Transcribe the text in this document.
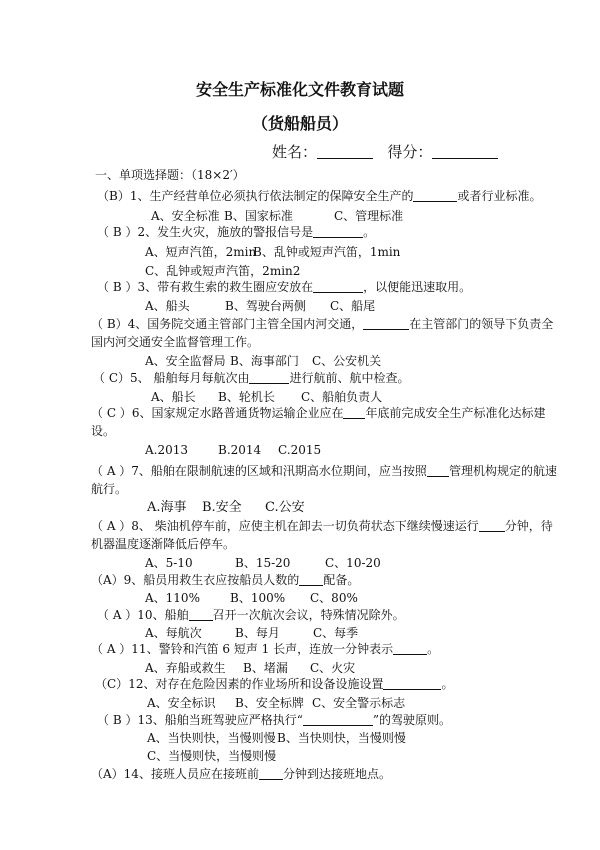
安全生产标准化文件教育试题
（货船船员）
姓名：	得分：
一、单项选择题：（18×2′）
（B）1、生产经营单位必须执行依法制定的保障安全生产的	或者行业标准。
A、安全标准 B、国家标准	C、管理标准
（ B ）2、发生火灾，施放的警报信号是	。
A、短声汽笛，2min
B、乱钟或短声汽笛，1min
C、乱钟或短声汽笛，2min2
（ B ）3、带有救生索的救生圈应安放在	，以便能迅速取用。
A、船头	B、驾驶台两侧 C、船尾
（ B）4、国务院交通主管部门主管全国内河交通，	在主管部门的领导下负责全
国内河交通安全监督管理工作。
A、安全监督局 B、海事部门 C、公安机关
（ C）5、 船舶每月每航次由	进行航前、航中检查。
A、船长 B、轮机长 C、船舶负责人
（ C ）6、国家规定水路普通货物运输企业应在 年底前完成安全生产标准化达标建
设。
A.2013 B.2014 C.2015
（ A ）7、船舶在限制航速的区域和汛期高水位期间，应当按照 管理机构规定的航速
航行。
A.海事 B.安全 C.公安
（ A ）8、 柴油机停车前，应使主机在卸去一切负荷状态下继续慢速运行 分钟，待
机器温度逐渐降低后停车。
A、5-10	B、15-20	C、10-20
（A）9、船员用救生衣应按船员人数的 配备。
A、110%	B、100% C、80%
（ A ）10、船舶 召开一次航次会议，特殊情况除外。
A、每航次	B、每月	C、每季
（ A ）11、警铃和汽笛 6 短声 1 长声，连放一分钟表示	。
A、弃船或救生 B、堵漏 C、火灾
（C）12、对存在危险因素的作业场所和设备设施设置	。
A、安全标识 B、安全标牌 C、安全警示标志
（ B ）13、船舶当班驾驶应严格执行“	”的驾驶原则。
A、当快则快，当慢则慢 B、当快则快，当慢则慢
C、当慢则快，当慢则慢
（A）14、接班人员应在接班前 分钟到达接班地点。
